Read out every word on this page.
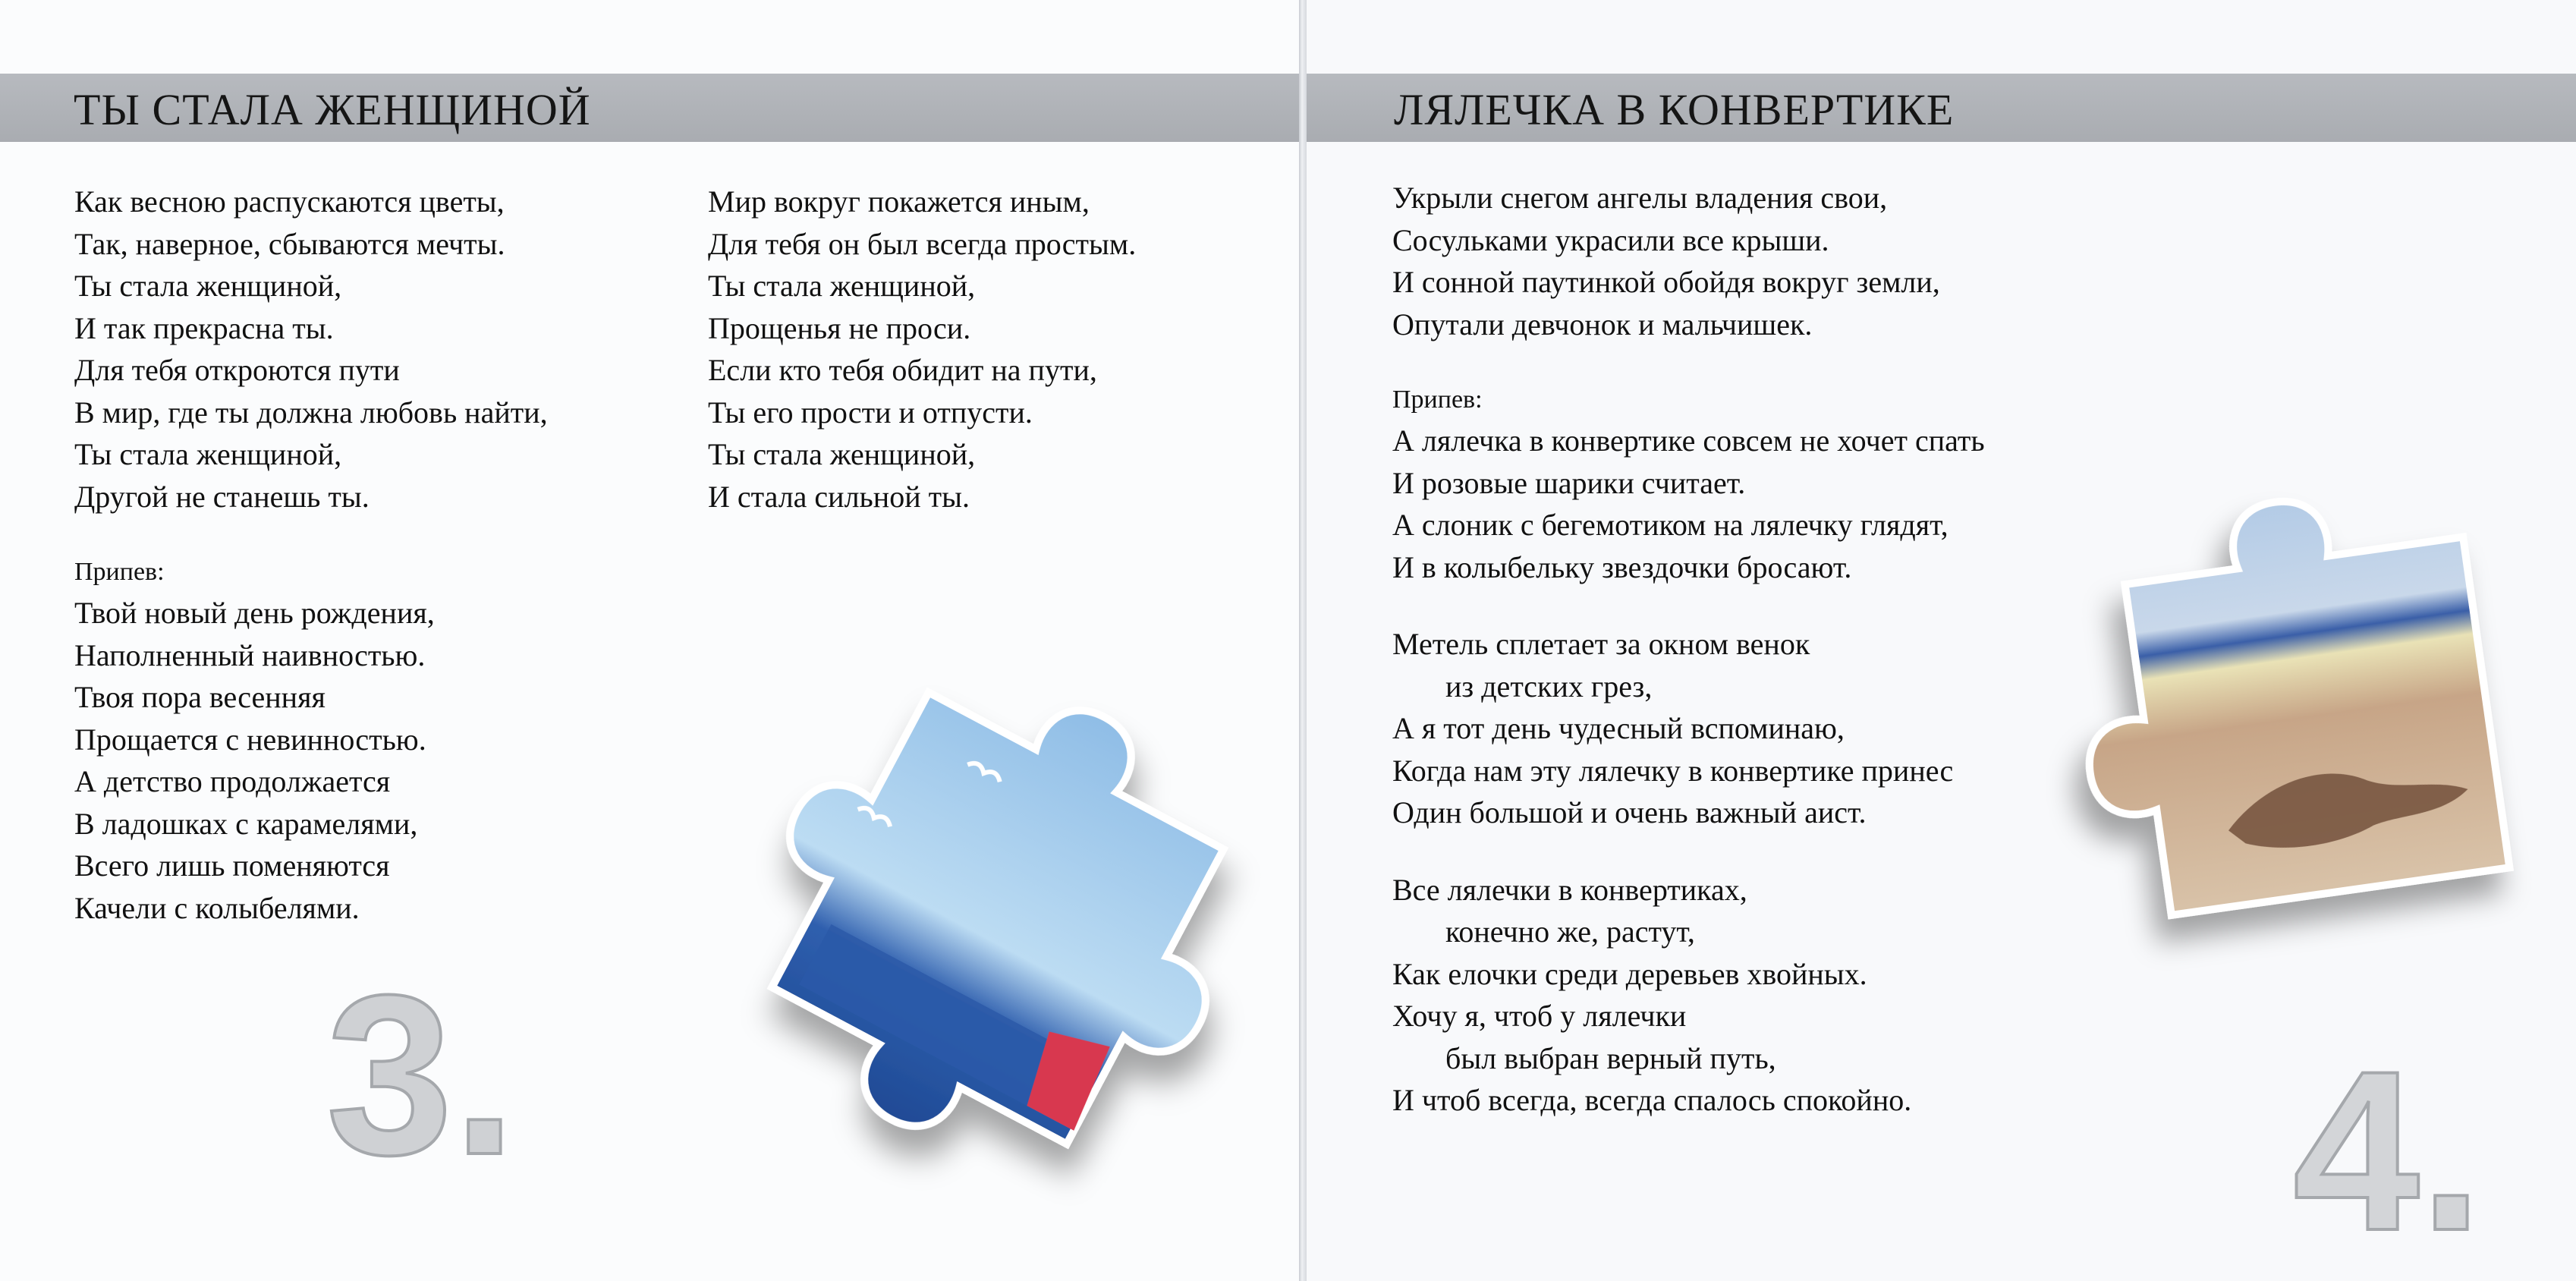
ТЫ СТАЛА ЖЕНЩИНОЙ
Как весною распускаются цветы,
Так, наверное, сбываются мечты.
Ты стала женщиной,
И так прекрасна ты.
Для тебя откроются пути
В мир, где ты должна любовь найти,
Ты стала женщиной,
Другой не станешь ты.
Припев:
Твой новый день рождения,
Наполненный наивностью.
Твоя пора весенняя
Прощается с невинностью.
А детство продолжается
В ладошках с карамелями,
Всего лишь поменяются
Качели с колыбелями.
Мир вокруг покажется иным,
Для тебя он был всегда простым.
Ты стала женщиной,
Прощенья не проси.
Если кто тебя обидит на пути,
Ты его прости и отпусти.
Ты стала женщиной,
И стала сильной ты.
3.
ЛЯЛЕЧКА В КОНВЕРТИКЕ
Укрыли снегом ангелы владения свои,
Сосульками украсили все крыши.
И сонной паутинкой обойдя вокруг земли,
Опутали девчонок и мальчишек.
Припев:
А лялечка в конвертике совсем не хочет спать
И розовые шарики считает.
А слоник с бегемотиком на лялечку глядят,
И в колыбельку звездочки бросают.
Метель сплетает за окном венок
из детских грез,
А я тот день чудесный вспоминаю,
Когда нам эту лялечку в конвертике принес
Один большой и очень важный аист.
Все лялечки в конвертиках,
конечно же, растут,
Как елочки среди деревьев хвойных.
Хочу я, чтоб у лялечки
был выбран верный путь,
И чтоб всегда, всегда спалось спокойно.	4.
